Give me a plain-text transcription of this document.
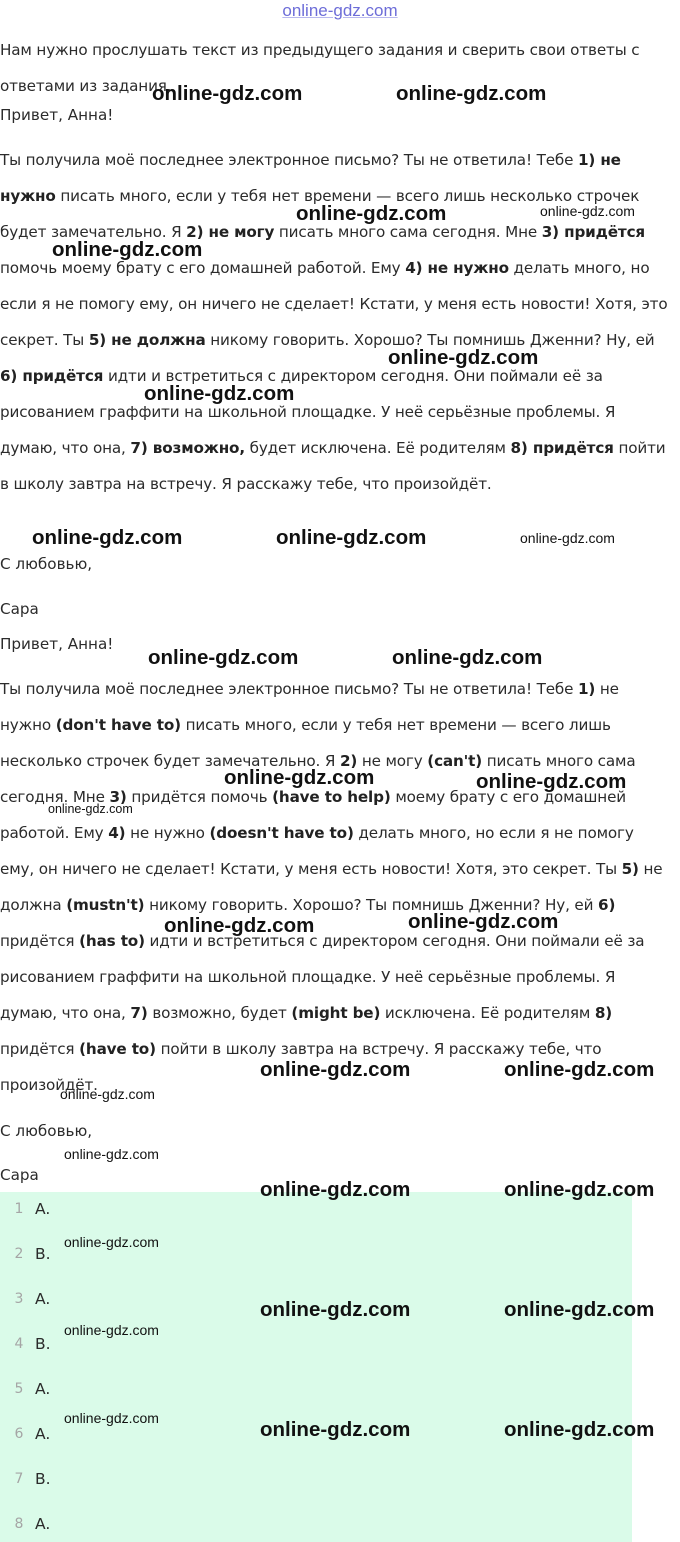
online-gdz.com

Нам нужно прослушать текст из предыдущего задания и сверить свои ответы с ответами из задания.

Привет, Анна!

Ты получила моё последнее электронное письмо? Ты не ответила! Тебе 1) не нужно писать много, если у тебя нет времени — всего лишь несколько строчек будет замечательно. Я 2) не могу писать много сама сегодня. Мне 3) придётся помочь моему брату с его домашней работой. Ему 4) не нужно делать много, но если я не помогу ему, он ничего не сделает! Кстати, у меня есть новости! Хотя, это секрет. Ты 5) не должна никому говорить. Хорошо? Ты помнишь Дженни? Ну, ей 6) придётся идти и встретиться с директором сегодня. Они поймали её за рисованием граффити на школьной площадке. У неё серьёзные проблемы. Я думаю, что она, 7) возможно, будет исключена. Её родителям 8) придётся пойти в школу завтра на встречу. Я расскажу тебе, что произойдёт.

С любовью,

Сара

Привет, Анна!

Ты получила моё последнее электронное письмо? Ты не ответила! Тебе 1) не нужно (don't have to) писать много, если у тебя нет времени — всего лишь несколько строчек будет замечательно. Я 2) не могу (can't) писать много сама сегодня. Мне 3) придётся помочь (have to help) моему брату с его домашней работой. Ему 4) не нужно (doesn't have to) делать много, но если я не помогу ему, он ничего не сделает! Кстати, у меня есть новости! Хотя, это секрет. Ты 5) не должна (mustn't) никому говорить. Хорошо? Ты помнишь Дженни? Ну, ей 6) придётся (has to) идти и встретиться с директором сегодня. Они поймали её за рисованием граффити на школьной площадке. У неё серьёзные проблемы. Я думаю, что она, 7) возможно, будет (might be) исключена. Её родителям 8) придётся (have to) пойти в школу завтра на встречу. Я расскажу тебе, что произойдёт.

С любовью,

Сара

1 A.
2 B.
3 A.
4 B.
5 A.
6 A.
7 B.
8 A.
online-gdz.com	online-gdz.com
online-gdz.com	online-gdz.com
online-gdz.com
online-gdz.com
online-gdz.com
online-gdz.com	online-gdz.com	online-gdz.com
online-gdz.com	online-gdz.com
online-gdz.com	online-gdz.com
online-gdz.com
online-gdz.com	online-gdz.com
online-gdz.com
online-gdz.com	online-gdz.com
online-gdz.com
online-gdz.com	online-gdz.com
online-gdz.com
online-gdz.com	online-gdz.com
online-gdz.com
online-gdz.com	online-gdz.com	online-gdz.com
